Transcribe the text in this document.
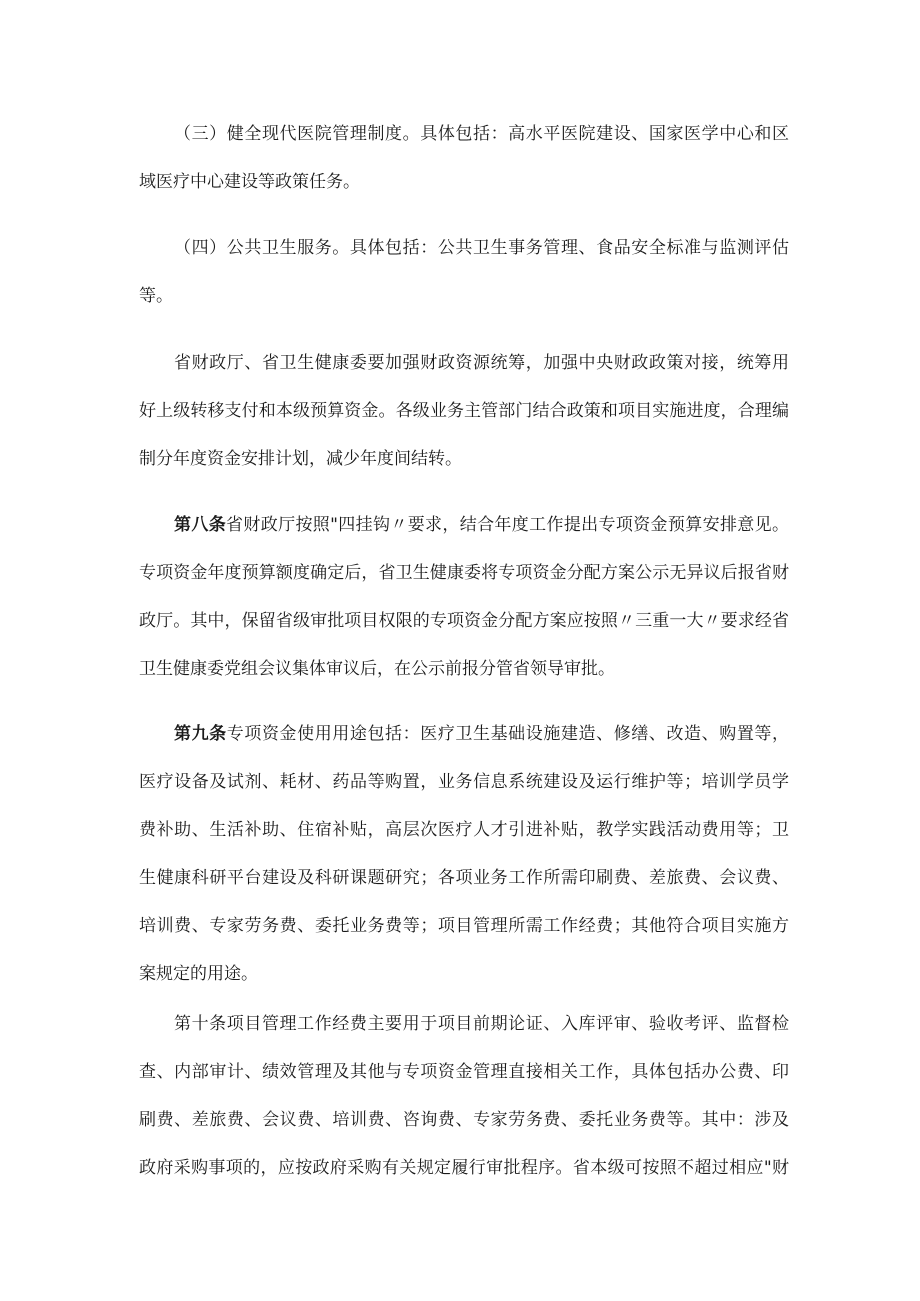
（三）健全现代医院管理制度。具体包括：高水平医院建设、国家医学中心和区
域医疗中心建设等政策任务。
（四）公共卫生服务。具体包括：公共卫生事务管理、食品安全标准与监测评估
等。
省财政厅、省卫生健康委要加强财政资源统筹，加强中央财政政策对接，统筹用
好上级转移支付和本级预算资金。各级业务主管部门结合政策和项目实施进度，合理编
制分年度资金安排计划，减少年度间结转。
第八条省财政厅按照"四挂钩〃要求，结合年度工作提出专项资金预算安排意见。
专项资金年度预算额度确定后，省卫生健康委将专项资金分配方案公示无异议后报省财
政厅。其中，保留省级审批项目权限的专项资金分配方案应按照〃三重一大〃要求经省
卫生健康委党组会议集体审议后，在公示前报分管省领导审批。
第九条专项资金使用用途包括：医疗卫生基础设施建造、修缮、改造、购置等，
医疗设备及试剂、耗材、药品等购置，业务信息系统建设及运行维护等；培训学员学
费补助、生活补助、住宿补贴，高层次医疗人才引进补贴，教学实践活动费用等；卫
生健康科研平台建设及科研课题研究；各项业务工作所需印刷费、差旅费、会议费、
培训费、专家劳务费、委托业务费等；项目管理所需工作经费；其他符合项目实施方
案规定的用途。
第十条项目管理工作经费主要用于项目前期论证、入库评审、验收考评、监督检
查、内部审计、绩效管理及其他与专项资金管理直接相关工作，具体包括办公费、印
刷费、差旅费、会议费、培训费、咨询费、专家劳务费、委托业务费等。其中：涉及
政府采购事项的，应按政府采购有关规定履行审批程序。省本级可按照不超过相应"财
